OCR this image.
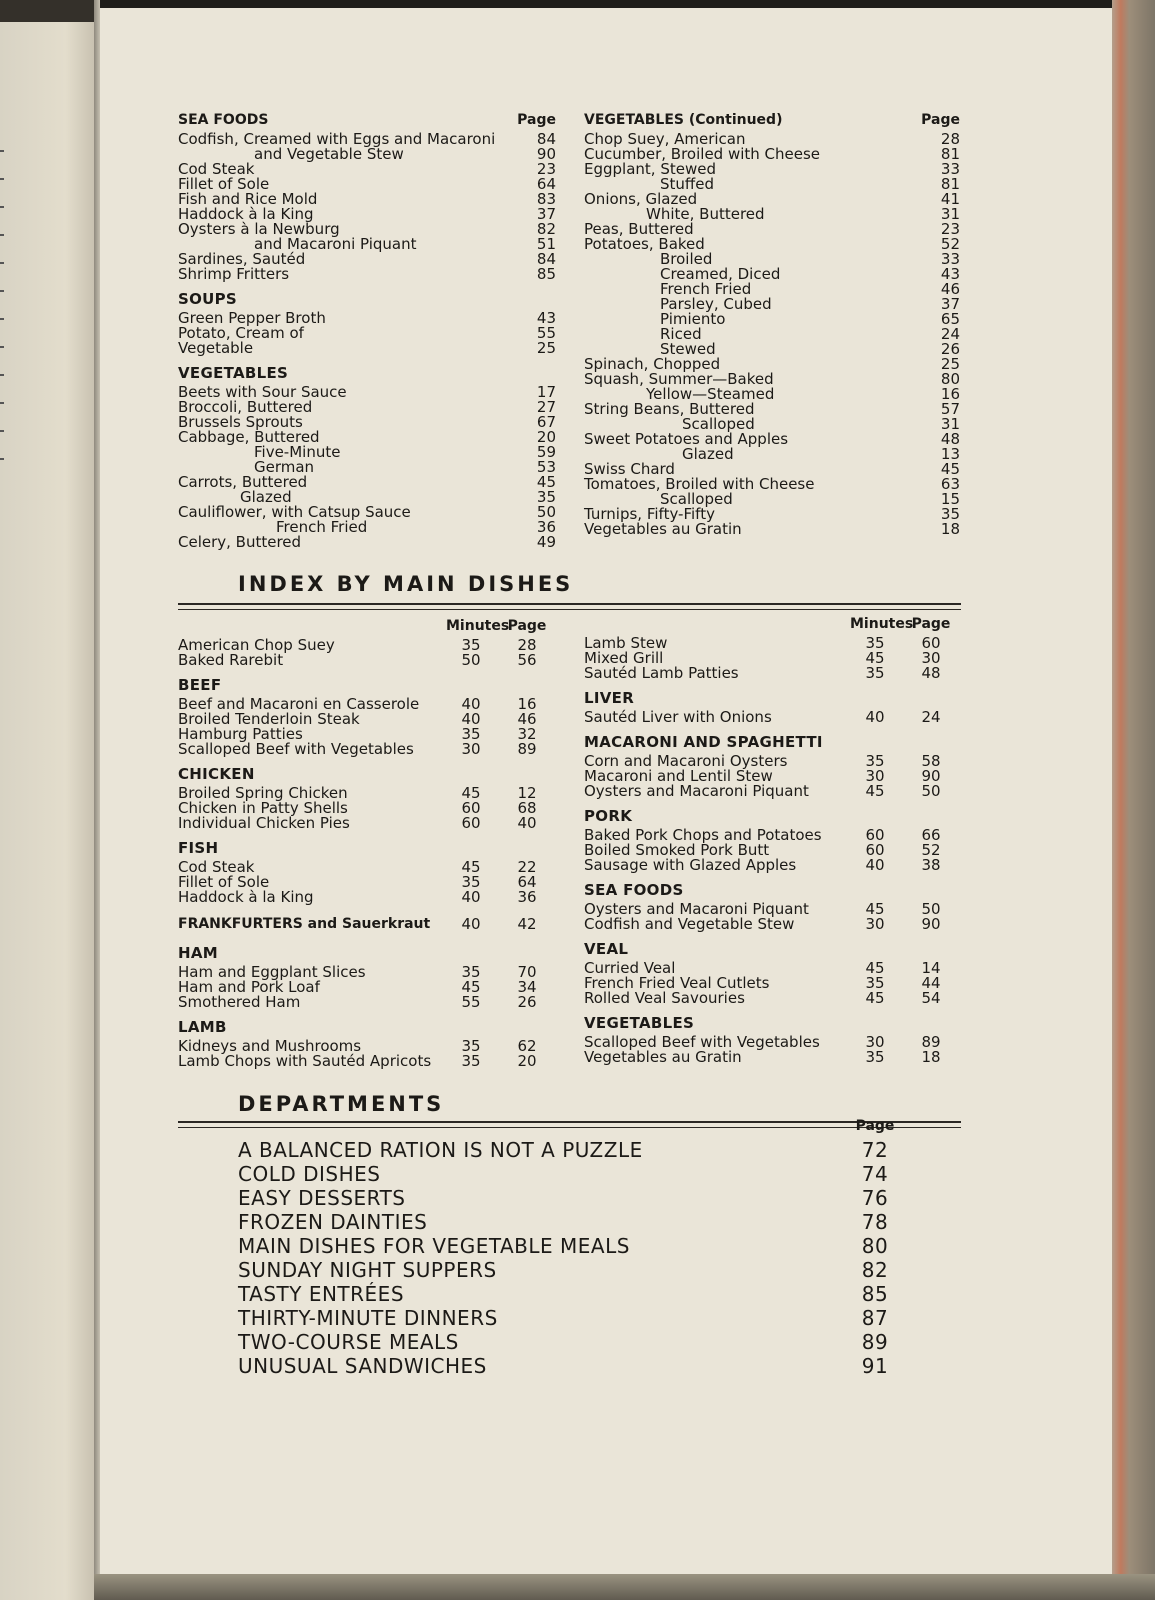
SEA FOODS	Page
Codfish, Creamed with Eggs and Macaroni	84
and Vegetable Stew	90
Cod Steak	23
Fillet of Sole	64
Fish and Rice Mold	83
Haddock à la King	37
Oysters à la Newburg	82
and Macaroni Piquant	51
Sardines, Sautéd	84
Shrimp Fritters	85
SOUPS
Green Pepper Broth	43
Potato, Cream of	55
Vegetable	25
VEGETABLES
Beets with Sour Sauce	17
Broccoli, Buttered	27
Brussels Sprouts	67
Cabbage, Buttered	20
Five-Minute	59
German	53
Carrots, Buttered	45
Glazed	35
Cauliflower, with Catsup Sauce	50
French Fried	36
Celery, Buttered	49
VEGETABLES (Continued)	Page
Chop Suey, American	28
Cucumber, Broiled with Cheese	81
Eggplant, Stewed	33
Stuffed	81
Onions, Glazed	41
White, Buttered	31
Peas, Buttered	23
Potatoes, Baked	52
Broiled	33
Creamed, Diced	43
French Fried	46
Parsley, Cubed	37
Pimiento	65
Riced	24
Stewed	26
Spinach, Chopped	25
Squash, Summer—Baked	80
Yellow—Steamed	16
String Beans, Buttered	57
Scalloped	31
Sweet Potatoes and Apples	48
Glazed	13
Swiss Chard	45
Tomatoes, Broiled with Cheese	63
Scalloped	15
Turnips, Fifty-Fifty	35
Vegetables au Gratin	18
INDEX BY MAIN DISHES
Minutes
Page
American Chop Suey	35	28
Baked Rarebit	50	56
BEEF
Beef and Macaroni en Casserole	40	16
Broiled Tenderloin Steak	40	46
Hamburg Patties	35	32
Scalloped Beef with Vegetables	30	89
CHICKEN
Broiled Spring Chicken	45	12
Chicken in Patty Shells	60	68
Individual Chicken Pies	60	40
FISH
Cod Steak	45	22
Fillet of Sole	35	64
Haddock à la King	40	36
FRANKFURTERS and Sauerkraut	40	42
HAM
Ham and Eggplant Slices	35	70
Ham and Pork Loaf	45	34
Smothered Ham	55	26
LAMB
Kidneys and Mushrooms	35	62
Lamb Chops with Sautéd Apricots	35	20
Minutes
Page
Lamb Stew	35	60
Mixed Grill	45	30
Sautéd Lamb Patties	35	48
LIVER
Sautéd Liver with Onions	40	24
MACARONI AND SPAGHETTI
Corn and Macaroni Oysters	35	58
Macaroni and Lentil Stew	30	90
Oysters and Macaroni Piquant	45	50
PORK
Baked Pork Chops and Potatoes	60	66
Boiled Smoked Pork Butt	60	52
Sausage with Glazed Apples	40	38
SEA FOODS
Oysters and Macaroni Piquant	45	50
Codfish and Vegetable Stew	30	90
VEAL
Curried Veal	45	14
French Fried Veal Cutlets	35	44
Rolled Veal Savouries	45	54
VEGETABLES
Scalloped Beef with Vegetables	30	89
Vegetables au Gratin	35	18
DEPARTMENTS
Page
A BALANCED RATION IS NOT A PUZZLE	72
COLD DISHES	74
EASY DESSERTS	76
FROZEN DAINTIES	78
MAIN DISHES FOR VEGETABLE MEALS	80
SUNDAY NIGHT SUPPERS	82
TASTY ENTRÉES	85
THIRTY-MINUTE DINNERS	87
TWO-COURSE MEALS	89
UNUSUAL SANDWICHES	91
